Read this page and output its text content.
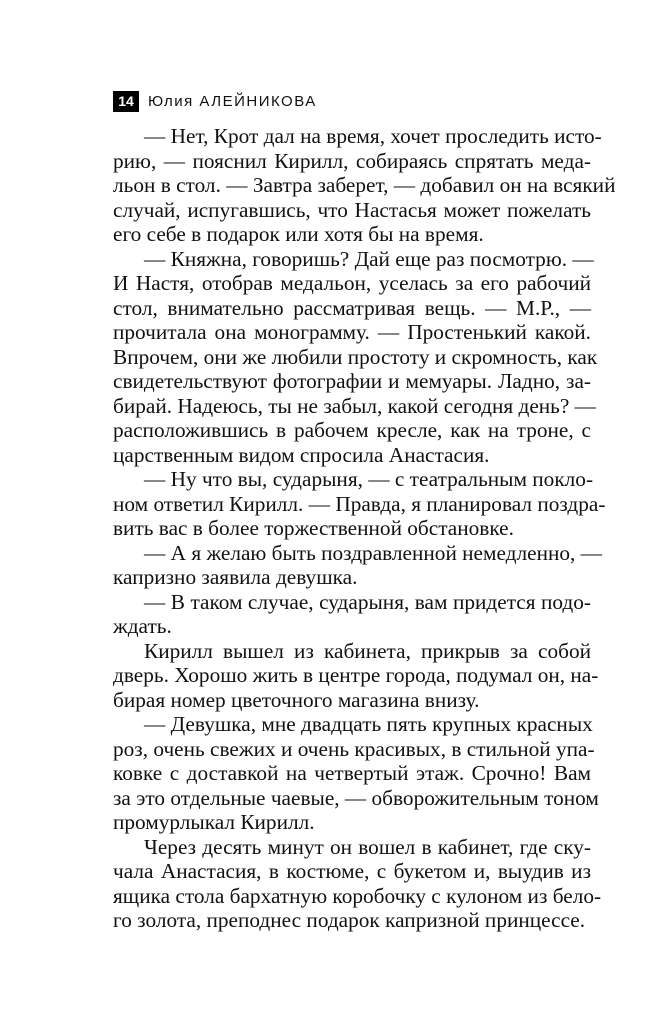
14 Юлия АЛЕЙНИКОВА
— Нет, Крот дал на время, хочет проследить исто-
рию, — пояснил Кирилл, собираясь спрятать меда-
льон в стол. — Завтра заберет, — добавил он на всякий
случай, испугавшись, что Настасья может пожелать
его себе в подарок или хотя бы на время.
— Княжна, говоришь? Дай еще раз посмотрю. —
И Настя, отобрав медальон, уселась за его рабочий
стол, внимательно рассматривая вещь. — М.Р., —
прочитала она монограмму. — Простенький какой.
Впрочем, они же любили простоту и скромность, как
свидетельствуют фотографии и мемуары. Ладно, за-
бирай. Надеюсь, ты не забыл, какой сегодня день? —
расположившись в рабочем кресле, как на троне, с
царственным видом спросила Анастасия.
— Ну что вы, сударыня, — с театральным покло-
ном ответил Кирилл. — Правда, я планировал поздра-
вить вас в более торжественной обстановке.
— А я желаю быть поздравленной немедленно, —
капризно заявила девушка.
— В таком случае, сударыня, вам придется подо-
ждать.
Кирилл вышел из кабинета, прикрыв за собой
дверь. Хорошо жить в центре города, подумал он, на-
бирая номер цветочного магазина внизу.
— Девушка, мне двадцать пять крупных красных
роз, очень свежих и очень красивых, в стильной упа-
ковке с доставкой на четвертый этаж. Срочно! Вам
за это отдельные чаевые, — обворожительным тоном
промурлыкал Кирилл.
Через десять минут он вошел в кабинет, где ску-
чала Анастасия, в костюме, с букетом и, выудив из
ящика стола бархатную коробочку с кулоном из бело-
го золота, преподнес подарок капризной принцессе.
